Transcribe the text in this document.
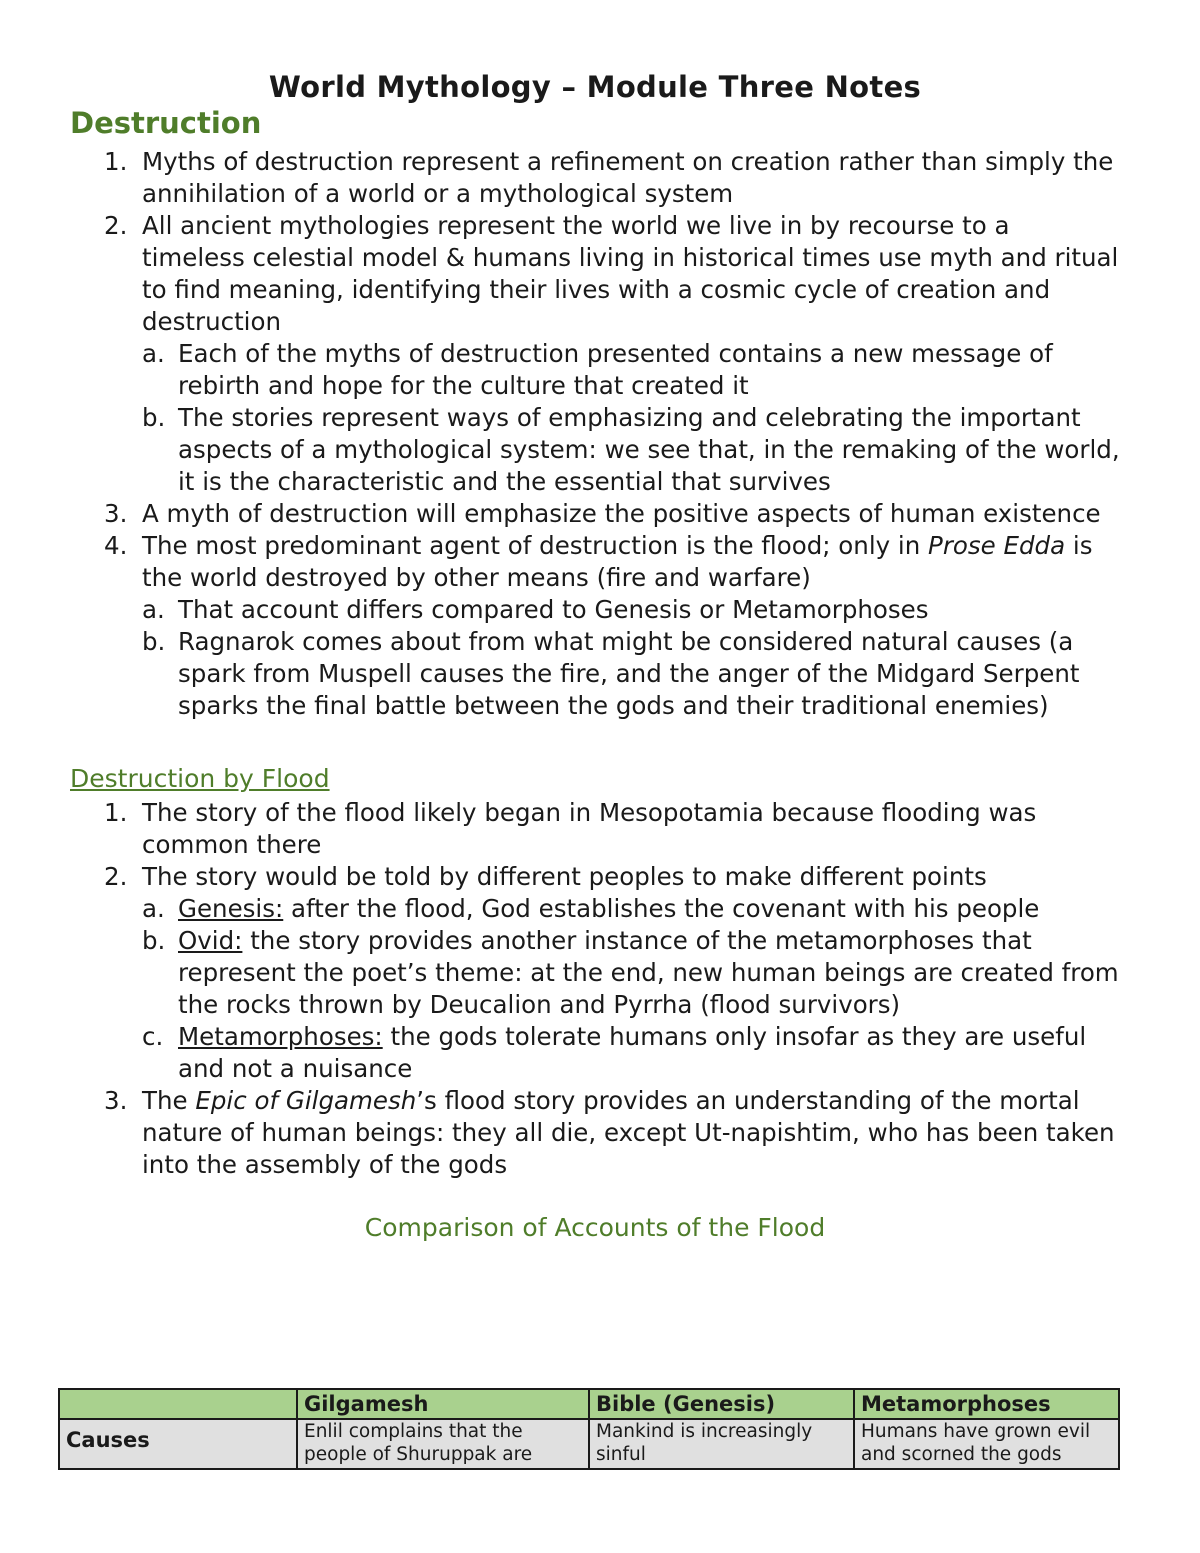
World Mythology – Module Three Notes
Destruction
1. Myths of destruction represent a refinement on creation rather than simply the annihilation of a world or a mythological system
2. All ancient mythologies represent the world we live in by recourse to a timeless celestial model & humans living in historical times use myth and ritual to find meaning, identifying their lives with a cosmic cycle of creation and destruction
a. Each of the myths of destruction presented contains a new message of rebirth and hope for the culture that created it
b. The stories represent ways of emphasizing and celebrating the important aspects of a mythological system: we see that, in the remaking of the world, it is the characteristic and the essential that survives
3. A myth of destruction will emphasize the positive aspects of human existence
4. The most predominant agent of destruction is the flood; only in Prose Edda is the world destroyed by other means (fire and warfare)
a. That account differs compared to Genesis or Metamorphoses
b. Ragnarok comes about from what might be considered natural causes (a spark from Muspell causes the fire, and the anger of the Midgard Serpent sparks the final battle between the gods and their traditional enemies)
Destruction by Flood
1. The story of the flood likely began in Mesopotamia because flooding was common there
2. The story would be told by different peoples to make different points
a. Genesis: after the flood, God establishes the covenant with his people
b. Ovid: the story provides another instance of the metamorphoses that represent the poet’s theme: at the end, new human beings are created from the rocks thrown by Deucalion and Pyrrha (flood survivors)
c. Metamorphoses: the gods tolerate humans only insofar as they are useful and not a nuisance
3. The Epic of Gilgamesh’s flood story provides an understanding of the mortal nature of human beings: they all die, except Ut-napishtim, who has been taken into the assembly of the gods
Comparison of Accounts of the Flood
	Gilgamesh	Bible (Genesis)	Metamorphoses
Causes	Enlil complains that the people of Shuruppak are	Mankind is increasingly sinful	Humans have grown evil and scorned the gods
